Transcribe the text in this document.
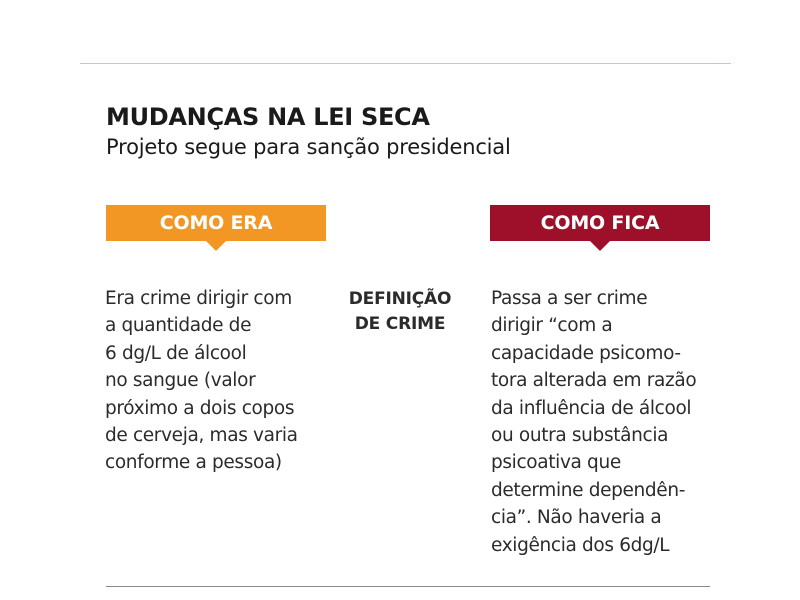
MUDANÇAS NA LEI SECA

Projeto segue para sanção presidencial

COMO ERA	COMO FICA

Era crime dirigir com
a quantidade de
6 dg/L de álcool
no sangue (valor
próximo a dois copos
de cerveja, mas varia
conforme a pessoa)

DEFINIÇÃO
DE CRIME

Passa a ser crime
dirigir “com a
capacidade psicomo-
tora alterada em razão
da influência de álcool
ou outra substância
psicoativa que
determine dependên-
cia”. Não haveria a
exigência dos 6dg/L
